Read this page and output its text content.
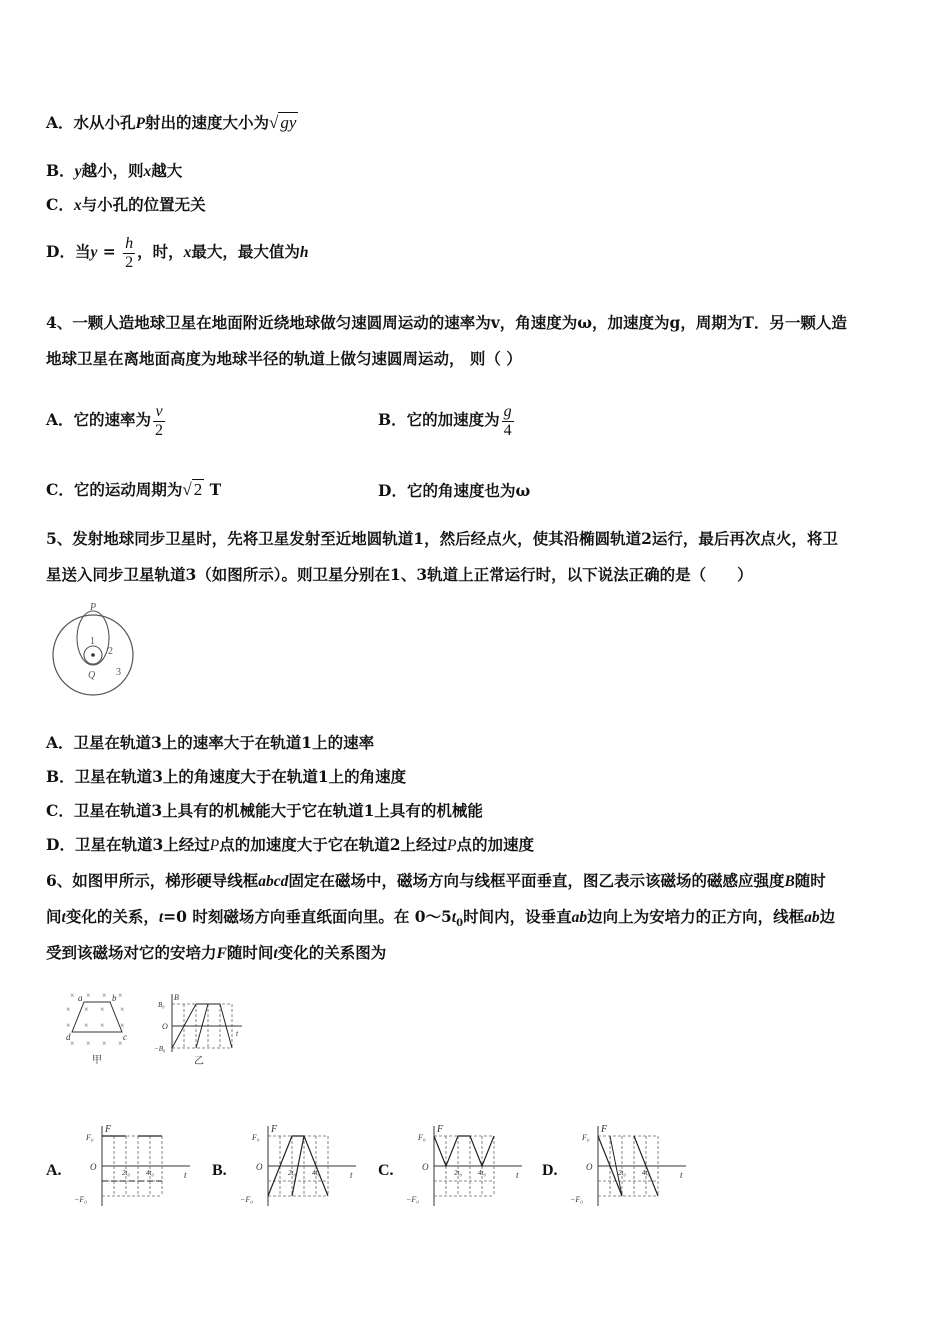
A．水从小孔P射出的速度大小为√ gy
B．y越小，则x越大
C．x与小孔的位置无关
D．当$y = \frac{h}{2}$ ，时，x最大，最大值为h
4、一颗人造地球卫星在地面附近绕地球做匀速圆周运动的速率为v，角速度为ω，加速度为g，周期为T．另一颗人造
地球卫星在离地面高度为地球半径的轨道上做匀速圆周运动， 则（ ）
A．它的速率为 $\frac{v}{2}$	B．它的加速度为 $\frac{g}{4}$
C．它的运动周期为√ 2 T	D．它的角速度也为ω
5、发射地球同步卫星时，先将卫星发射至近地圆轨道1，然后经点火，使其沿椭圆轨道2运行，最后再次点火，将卫
星送入同步卫星轨道3（如图所示）。则卫星分别在1、3轨道上正常运行时，以下说法正确的是（　　）
P
1
2
Q 3
A．卫星在轨道3上的速率大于在轨道1上的速率
B．卫星在轨道3上的角速度大于在轨道1上的角速度
C．卫星在轨道3上具有的机械能大于它在轨道1上具有的机械能
D．卫星在轨道3上经过P点的加速度大于它在轨道2上经过P点的加速度
6、如图甲所示，梯形硬导线框abcd固定在磁场中，磁场方向与线框平面垂直，图乙表示该磁场的磁感应强度B随时
间t变化的关系，t=0 时刻磁场方向垂直纸面向里。在 $0\sim 5t_0$时间内，设垂直ab边向上为安培力的正方向，线框ab边
受到该磁场对它的安培力F随时间t变化的关系图为
× × × ×
× × × ×
× × × ×
× × × ×
a	b
c
d
甲
B
B₀
O
−B₀
t
乙
A.
F
F₀
O
−F₀
t
2t₀ 4t₀	B.
F
F₀
O
−F₀
t
2t₀ 4t₀	C.
F
F₀
O
−F₀
t
2t₀ 4t₀	D.
F
F₀
O
−F₀
t
2t₀ 4t₀
